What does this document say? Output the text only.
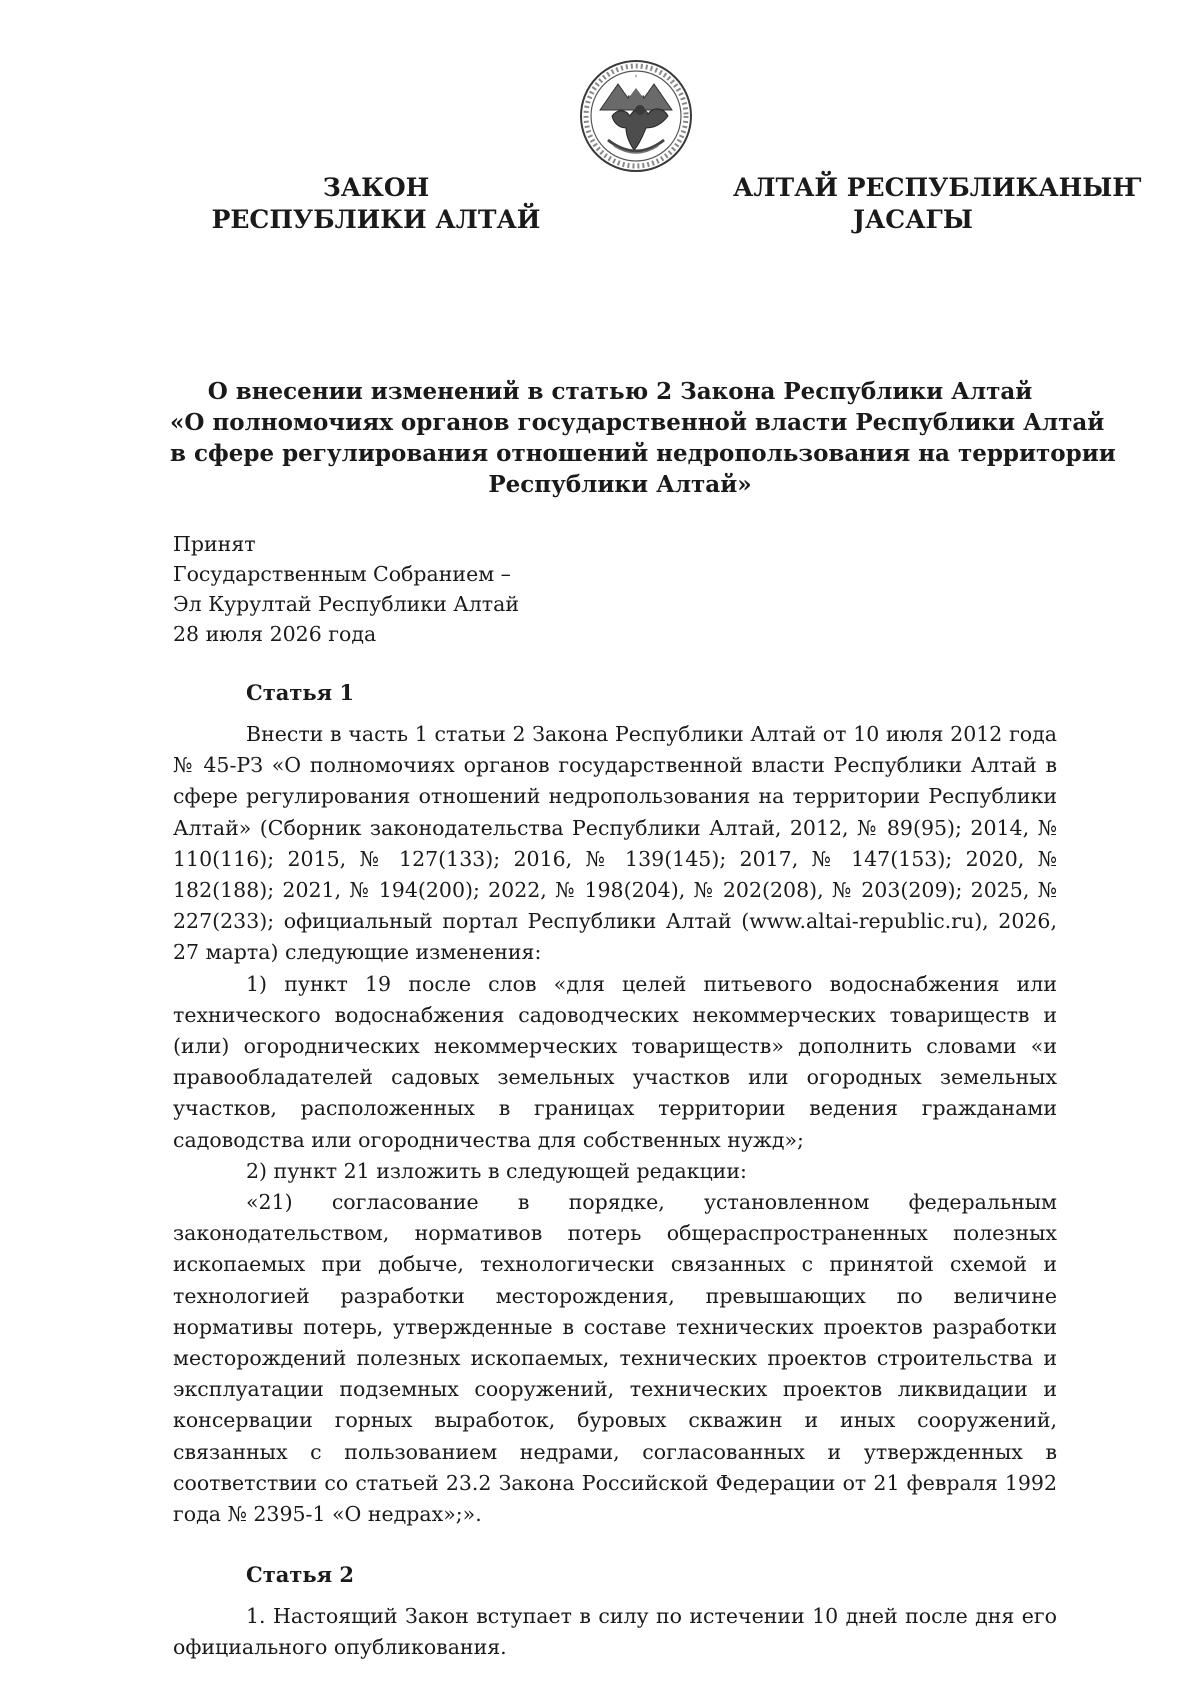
ЗАКОН
РЕСПУБЛИКИ АЛТАЙ
АЛТАЙ РЕСПУБЛИКАНЫҤ
ЈАСАГЫ
О внесении изменений в статью 2 Закона Республики Алтай
«О полномочиях органов государственной власти Республики Алтай
в сфере регулирования отношений недропользования на территории
Республики Алтай»
Принят
Государственным Собранием –
Эл Курултай Республики Алтай
28 июля 2026 года
Статья 1

Внести в часть 1 статьи 2 Закона Республики Алтай от 10 июля 2012 года № 45-РЗ «О полномочиях органов государственной власти Республики Алтай в сфере регулирования отношений недропользования на территории Республики Алтай» (Сборник законодательства Республики Алтай, 2012, № 89(95); 2014, № 110(116); 2015, № 127(133); 2016, № 139(145); 2017, № 147(153); 2020, № 182(188); 2021, № 194(200); 2022, № 198(204), № 202(208), № 203(209); 2025, № 227(233); официальный портал Республики Алтай (www.altai-republic.ru), 2026, 27 марта) следующие изменения:

1) пункт 19 после слов «для целей питьевого водоснабжения или технического водоснабжения садоводческих некоммерческих товариществ и (или) огороднических некоммерческих товариществ» дополнить словами «и правообладателей садовых земельных участков или огородных земельных участков, расположенных в границах территории ведения гражданами садоводства или огородничества для собственных нужд»;

2) пункт 21 изложить в следующей редакции:

«21) согласование в порядке, установленном федеральным законодательством, нормативов потерь общераспространенных полезных ископаемых при добыче, технологически связанных с принятой схемой и технологией разработки месторождения, превышающих по величине нормативы потерь, утвержденные в составе технических проектов разработки месторождений полезных ископаемых, технических проектов строительства и эксплуатации подземных сооружений, технических проектов ликвидации и консервации горных выработок, буровых скважин и иных сооружений, связанных с пользованием недрами, согласованных и утвержденных в соответствии со статьей 23.2 Закона Российской Федерации от 21 февраля 1992 года № 2395-1 «О недрах»;».

Статья 2

1. Настоящий Закон вступает в силу по истечении 10 дней после дня его официального опубликования.
